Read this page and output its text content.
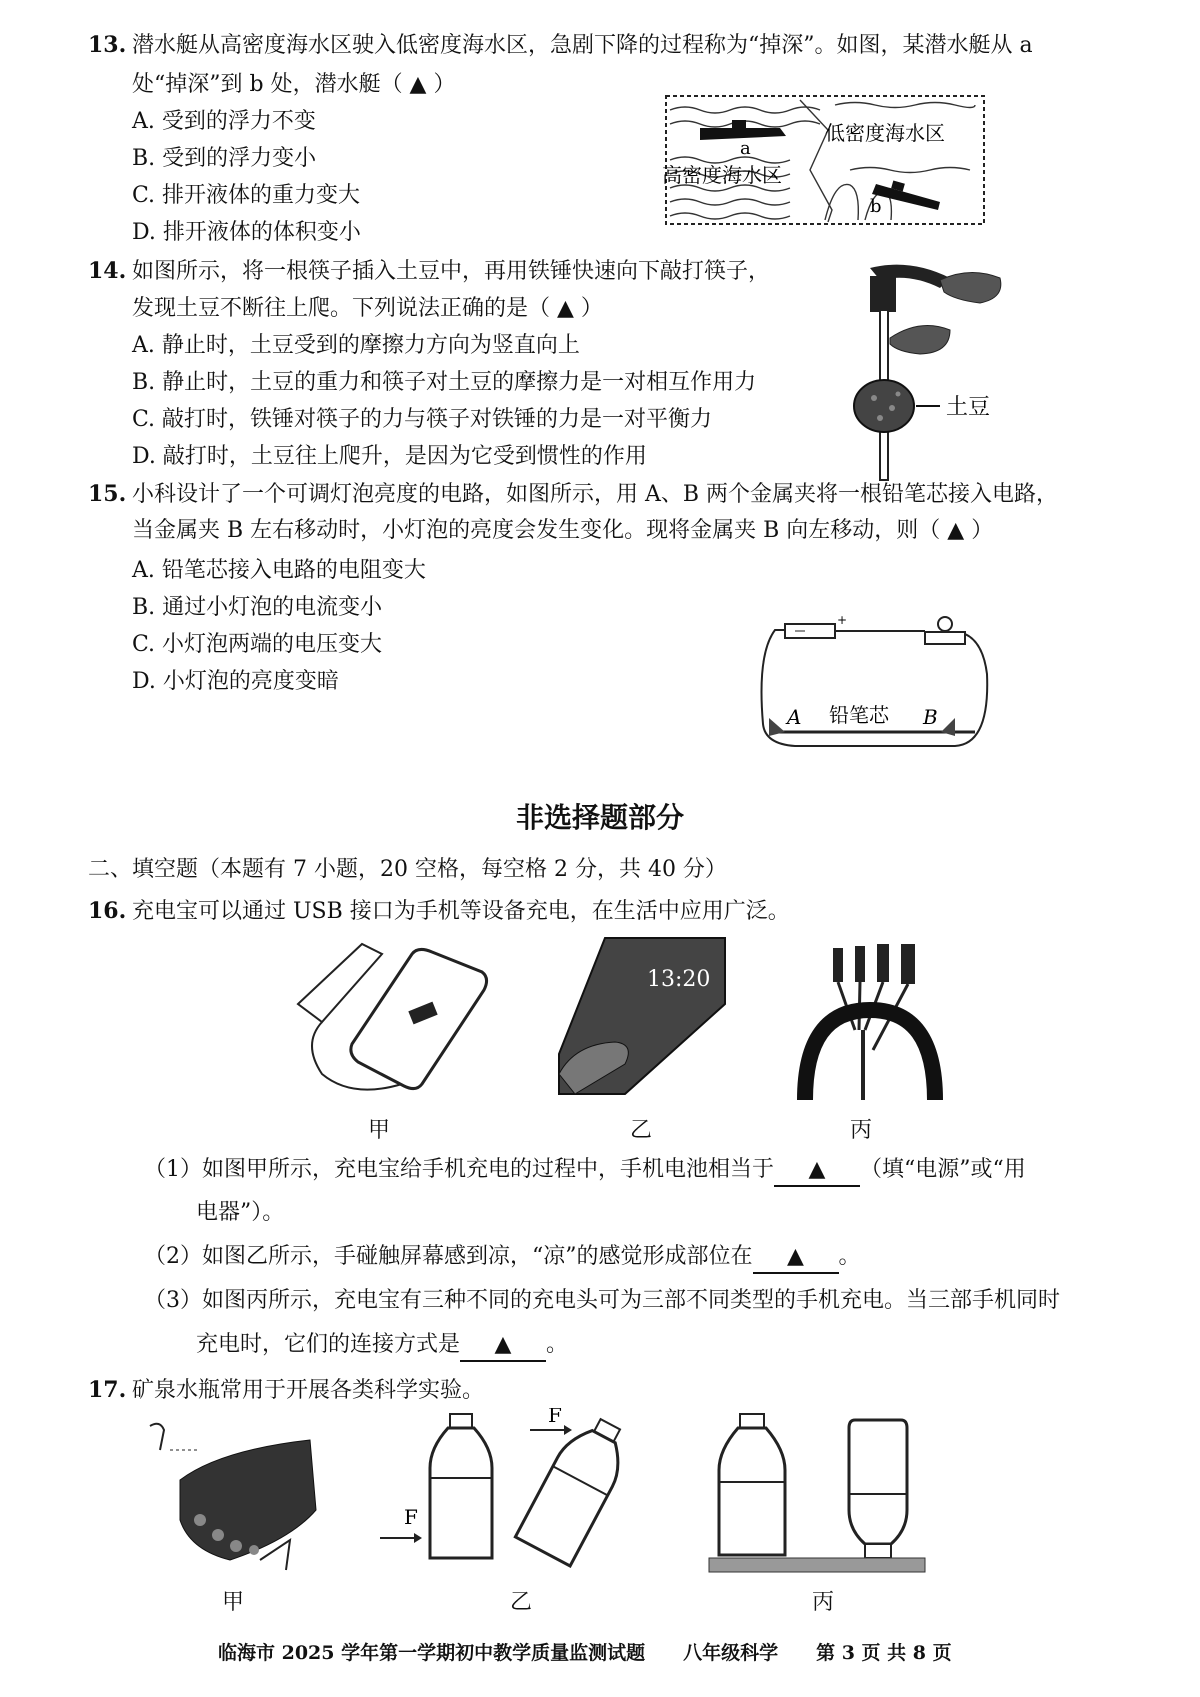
13. 潜水艇从高密度海水区驶入低密度海水区，急剧下降的过程称为“掉深”。如图，某潜水艇从 a
处“掉深”到 b 处，潜水艇（ ▲ ）
A. 受到的浮力不变
B. 受到的浮力变小
C. 排开液体的重力变大
D. 排开液体的体积变小
a
b
低密度海水区
高密度海水区
14. 如图所示，将一根筷子插入土豆中，再用铁锤快速向下敲打筷子，
发现土豆不断往上爬。下列说法正确的是（ ▲ ）
A. 静止时，土豆受到的摩擦力方向为竖直向上
B. 静止时，土豆的重力和筷子对土豆的摩擦力是一对相互作用力
C. 敲打时，铁锤对筷子的力与筷子对铁锤的力是一对平衡力
D. 敲打时，土豆往上爬升，是因为它受到惯性的作用
土豆
15. 小科设计了一个可调灯泡亮度的电路，如图所示，用 A、B 两个金属夹将一根铅笔芯接入电路，
当金属夹 B 左右移动时，小灯泡的亮度会发生变化。现将金属夹 B 向左移动，则（ ▲ ）
A. 铅笔芯接入电路的电阻变大
B. 通过小灯泡的电流变小
C. 小灯泡两端的电压变大
D. 小灯泡的亮度变暗
+
A	B
铅笔芯
非选择题部分
二、填空题（本题有 7 小题，20 空格，每空格 2 分，共 40 分）
16. 充电宝可以通过 USB 接口为手机等设备充电，在生活中应用广泛。
13:20
甲	乙	丙
（1）如图甲所示，充电宝给手机充电的过程中，手机电池相当于 ▲ （填“电源”或“用
电器”）。
（2）如图乙所示，手碰触屏幕感到凉，“凉”的感觉形成部位在 ▲ 。
（3）如图丙所示，充电宝有三种不同的充电头可为三部不同类型的手机充电。当三部手机同时
充电时，它们的连接方式是 ▲ 。
17. 矿泉水瓶常用于开展各类科学实验。
F
F
甲	乙	丙
临海市 2025 学年第一学期初中教学质量监测试题　　八年级科学　　第 3 页 共 8 页
